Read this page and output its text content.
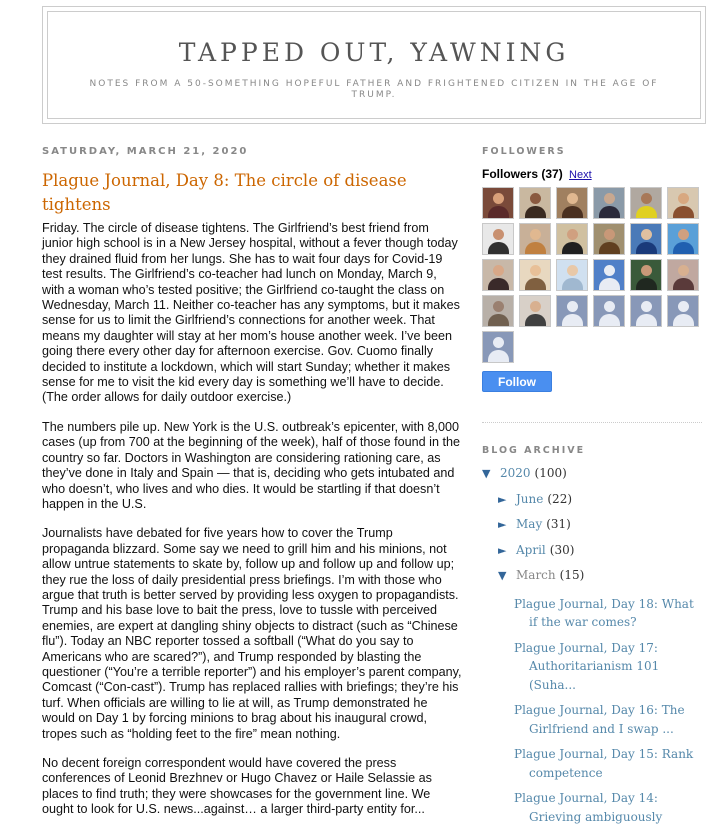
TAPPED OUT, YAWNING
NOTES FROM A 50-SOMETHING HOPEFUL FATHER AND FRIGHTENED CITIZEN IN THE AGE OF TRUMP.
SATURDAY, MARCH 21, 2020
Plague Journal, Day 8: The circle of disease tightens

Friday. The circle of disease tightens. The Girlfriend’s best friend from junior high school is in a New Jersey hospital, without a fever though today they drained fluid from her lungs. She has to wait four days for Covid-19 test results. The Girlfriend’s co-teacher had lunch on Monday, March 9, with a woman who’s tested positive; the Girlfriend co-taught the class on Wednesday, March 11. Neither co-teacher has any symptoms, but it makes sense for us to limit the Girlfriend’s connections for another week. That means my daughter will stay at her mom’s house another week. I’ve been going there every other day for afternoon exercise. Gov. Cuomo finally decided to institute a lockdown, which will start Sunday; whether it makes sense for me to visit the kid every day is something we’ll have to decide. (The order allows for daily outdoor exercise.)

The numbers pile up. New York is the U.S. outbreak’s epicenter, with 8,000 cases (up from 700 at the beginning of the week), half of those found in the country so far. Doctors in Washington are considering rationing care, as they’ve done in Italy and Spain — that is, deciding who gets intubated and who doesn’t, who lives and who dies. It would be startling if that doesn’t happen in the U.S.

Journalists have debated for five years how to cover the Trump propaganda blizzard. Some say we need to grill him and his minions, not allow untrue statements to skate by, follow up and follow up and follow up; they rue the loss of daily presidential press briefings. I’m with those who argue that truth is better served by providing less oxygen to propagandists. Trump and his base love to bait the press, love to tussle with perceived enemies, are expert at dangling shiny objects to distract (such as “Chinese flu”). Today an NBC reporter tossed a softball (“What do you say to Americans who are scared?”), and Trump responded by blasting the questioner (“You’re a terrible reporter”) and his employer’s parent company, Comcast (“Con-cast”). Trump has replaced rallies with briefings; they’re his turf. When officials are willing to lie at will, as Trump demonstrated he would on Day 1 by forcing minions to brag about his inaugural crowd, tropes such as “holding feet to the fire” mean nothing.

No decent foreign correspondent would have covered the press conferences of Leonid Brezhnev or Hugo Chavez or Haile Selassie as places to find truth; they were showcases for the government line. We ought to look for U.S. news...against… a larger third-party entity for...

FOLLOWERS
Followers (37) Next
Follow
BLOG ARCHIVE
▼ 2020 (100)
► June (22)
► May (31)
► April (30)
▼ March (15)
Plague Journal, Day 18: What if the war comes?
Plague Journal, Day 17: Authoritarianism 101 (Suha...
Plague Journal, Day 16: The Girlfriend and I swap ...
Plague Journal, Day 15: Rank competence
Plague Journal, Day 14: Grieving ambiguously
